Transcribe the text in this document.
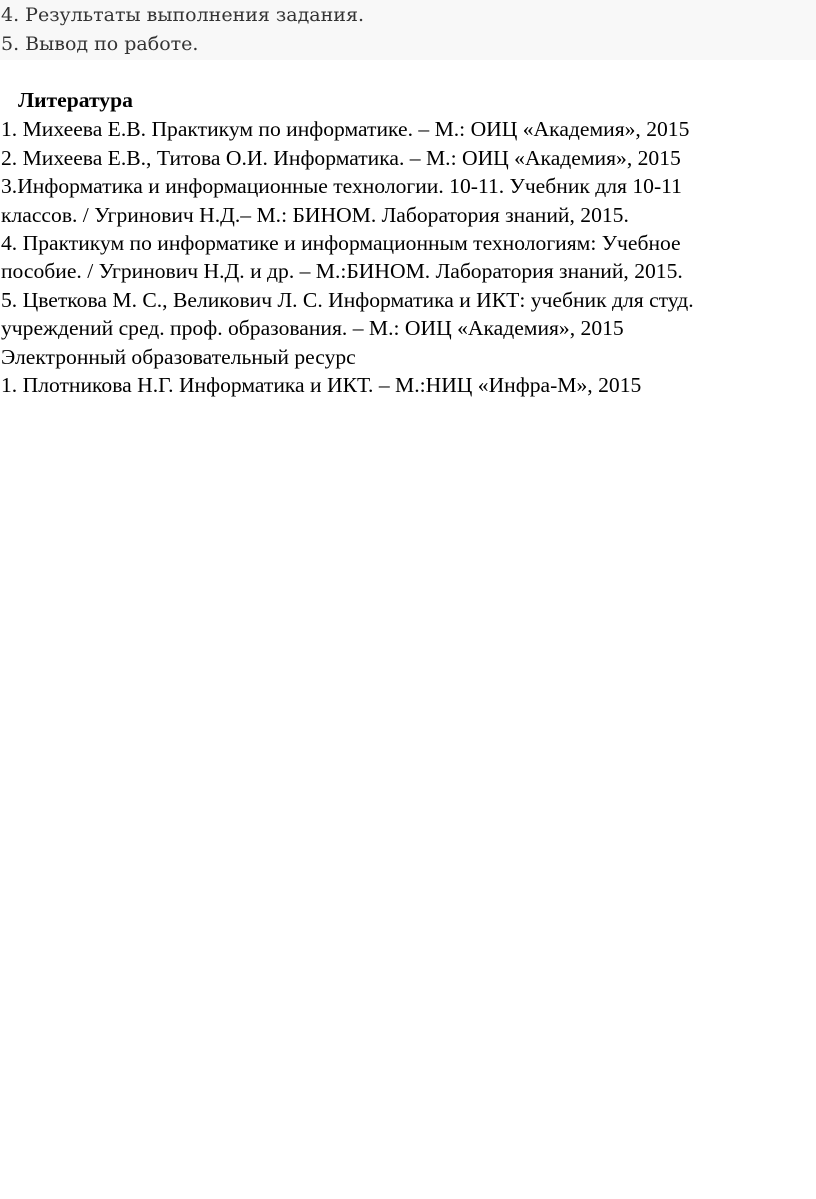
4. Результаты выполнения задания.
5. Вывод по работе.
Литература
1. Михеева Е.В. Практикум по информатике. – М.: ОИЦ «Академия», 2015
2. Михеева Е.В., Титова О.И. Информатика. – М.: ОИЦ «Академия», 2015
3.Информатика и информационные технологии. 10-11. Учебник для 10-11
классов. / Угринович Н.Д.– М.: БИНОМ. Лаборатория знаний, 2015.
4. Практикум по информатике и информационным технологиям: Учебное
пособие. / Угринович Н.Д. и др. – М.:БИНОМ. Лаборатория знаний, 2015.
5. Цветкова М. С., Великович Л. С. Информатика и ИКТ: учебник для студ.
учреждений сред. проф. образования. – М.: ОИЦ «Академия», 2015
Электронный образовательный ресурс
1. Плотникова Н.Г. Информатика и ИКТ. – М.:НИЦ «Инфра-М», 2015
